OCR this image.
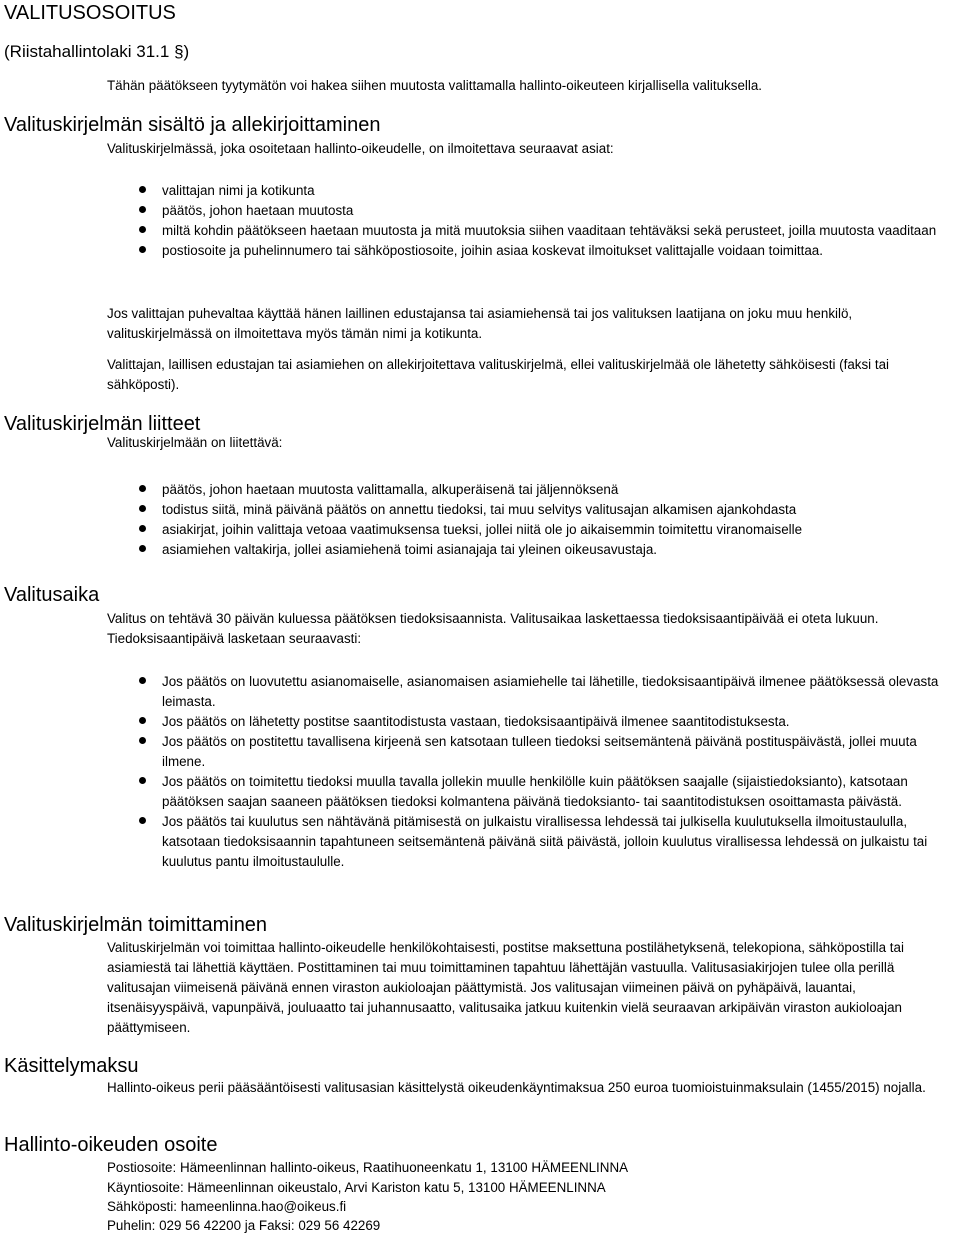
VALITUSOSOITUS
(Riistahallintolaki 31.1 §)

Tähän päätökseen tyytymätön voi hakea siihen muutosta valittamalla hallinto-oikeuteen kirjallisella valituksella.

Valituskirjelmän sisältö ja allekirjoittaminen

Valituskirjelmässä, joka osoitetaan hallinto-oikeudelle, on ilmoitettava seuraavat asiat:

valittajan nimi ja kotikunta
päätös, johon haetaan muutosta
miltä kohdin päätökseen haetaan muutosta ja mitä muutoksia siihen vaaditaan tehtäväksi sekä perusteet, joilla muutosta vaaditaan
postiosoite ja puhelinnumero tai sähköpostiosoite, joihin asiaa koskevat ilmoitukset valittajalle voidaan toimittaa.

Jos valittajan puhevaltaa käyttää hänen laillinen edustajansa tai asiamiehensä tai jos valituksen laatijana on joku muu henkilö, valituskirjelmässä on ilmoitettava myös tämän nimi ja kotikunta.

Valittajan, laillisen edustajan tai asiamiehen on allekirjoitettava valituskirjelmä, ellei valituskirjelmää ole lähetetty sähköisesti (faksi tai sähköposti).

Valituskirjelmän liitteet

Valituskirjelmään on liitettävä:

päätös, johon haetaan muutosta valittamalla, alkuperäisenä tai jäljennöksenä
todistus siitä, minä päivänä päätös on annettu tiedoksi, tai muu selvitys valitusajan alkamisen ajankohdasta
asiakirjat, joihin valittaja vetoaa vaatimuksensa tueksi, jollei niitä ole jo aikaisemmin toimitettu viranomaiselle
asiamiehen valtakirja, jollei asiamiehenä toimi asianajaja tai yleinen oikeusavustaja.
Valitusaika

Valitus on tehtävä 30 päivän kuluessa päätöksen tiedoksisaannista. Valitusaikaa laskettaessa tiedoksisaantipäivää ei oteta lukuun. Tiedoksisaantipäivä lasketaan seuraavasti:

Jos päätös on luovutettu asianomaiselle, asianomaisen asiamiehelle tai lähetille, tiedoksisaantipäivä ilmenee päätöksessä olevasta leimasta.
Jos päätös on lähetetty postitse saantitodistusta vastaan, tiedoksisaantipäivä ilmenee saantitodistuksesta.
Jos päätös on postitettu tavallisena kirjeenä sen katsotaan tulleen tiedoksi seitsemäntenä päivänä postituspäivästä, jollei muuta ilmene.
Jos päätös on toimitettu tiedoksi muulla tavalla jollekin muulle henkilölle kuin päätöksen saajalle (sijaistiedoksianto), katsotaan päätöksen saajan saaneen päätöksen tiedoksi kolmantena päivänä tiedoksianto- tai saantitodistuksen osoittamasta päivästä.
Jos päätös tai kuulutus sen nähtävänä pitämisestä on julkaistu virallisessa lehdessä tai julkisella kuulutuksella ilmoitustaululla, katsotaan tiedoksisaannin tapahtuneen seitsemäntenä päivänä siitä päivästä, jolloin kuulutus virallisessa lehdessä on julkaistu tai kuulutus pantu ilmoitustaululle.
Valituskirjelmän toimittaminen

Valituskirjelmän voi toimittaa hallinto-oikeudelle henkilökohtaisesti, postitse maksettuna postilähetyksenä, telekopiona, sähköpostilla tai asiamiestä tai lähettiä käyttäen. Postittaminen tai muu toimittaminen tapahtuu lähettäjän vastuulla. Valitusasiakirjojen tulee olla perillä valitusajan viimeisenä päivänä ennen viraston aukioloajan päättymistä. Jos valitusajan viimeinen päivä on pyhäpäivä, lauantai, itsenäisyyspäivä, vapunpäivä, jouluaatto tai juhannusaatto, valitusaika jatkuu kuitenkin vielä seuraavan arkipäivän viraston aukioloajan päättymiseen.

Käsittelymaksu

Hallinto-oikeus perii pääsääntöisesti valitusasian käsittelystä oikeudenkäyntimaksua 250 euroa tuomioistuinmaksulain (1455/2015) nojalla.

Hallinto-oikeuden osoite
Postiosoite: Hämeenlinnan hallinto-oikeus, Raatihuoneenkatu 1, 13100 HÄMEENLINNA
Käyntiosoite: Hämeenlinnan oikeustalo, Arvi Kariston katu 5, 13100 HÄMEENLINNA
Sähköposti: hameenlinna.hao@oikeus.fi
Puhelin: 029 56 42200 ja Faksi: 029 56 42269
